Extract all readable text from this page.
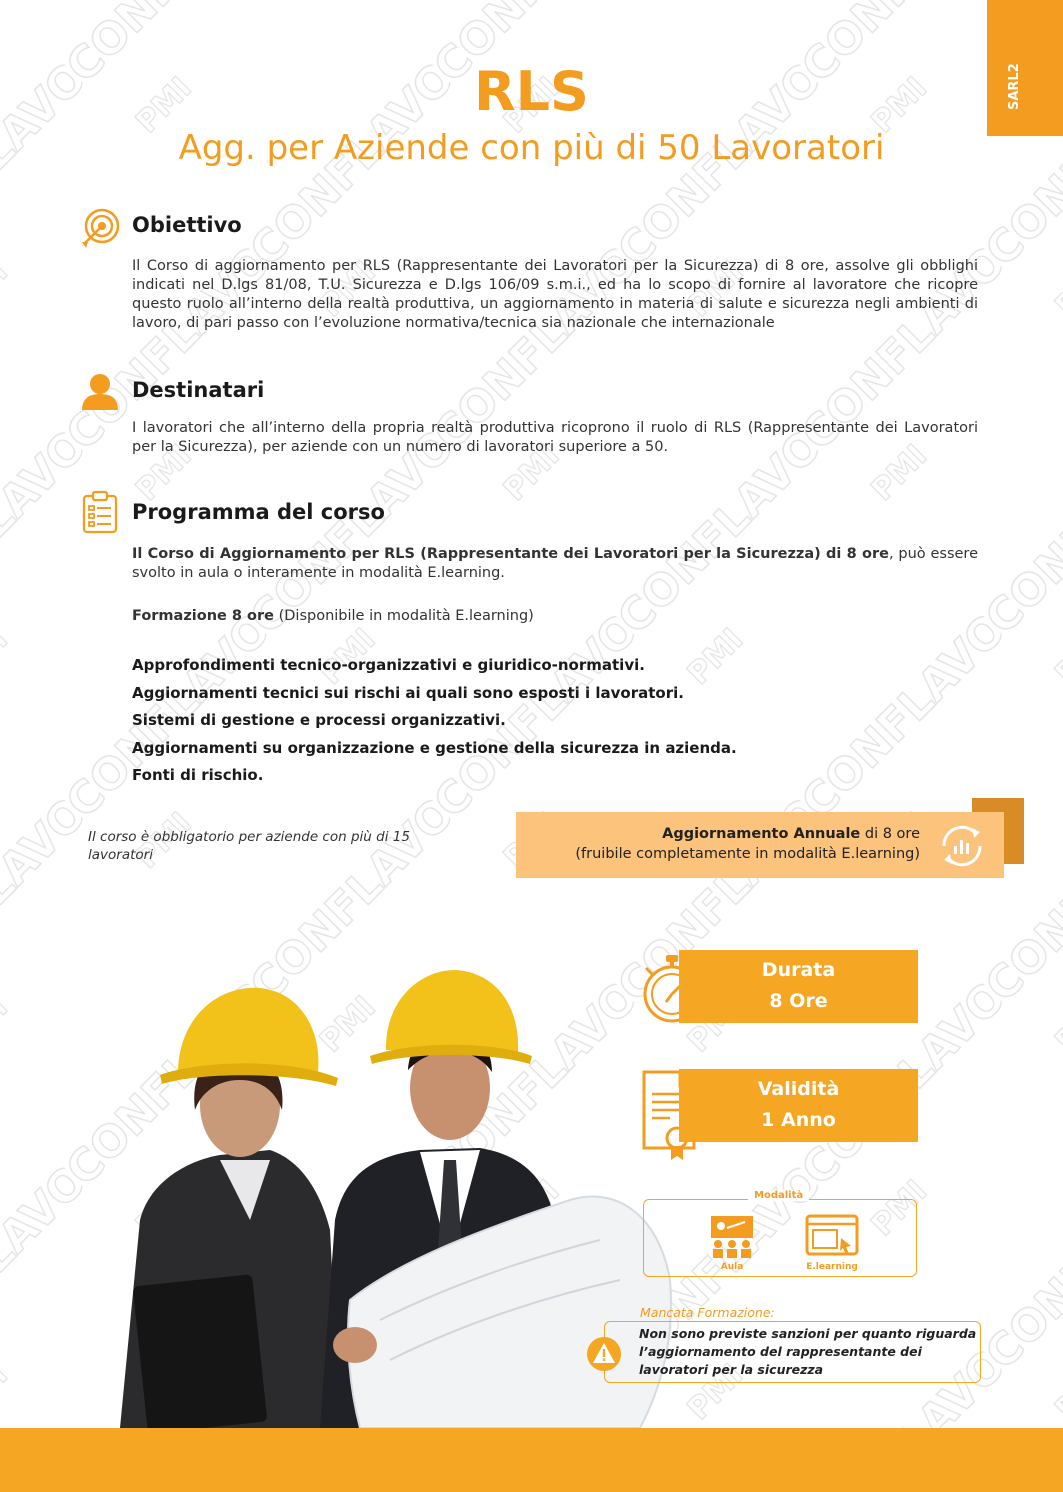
RLS
Agg. per Aziende con più di 50 Lavoratori
Obiettivo
Il Corso di aggiornamento per RLS (Rappresentante dei Lavoratori per la Sicurezza) di 8 ore, assolve gli obblighi indicati nel D.lgs 81/08, T.U. Sicurezza e D.lgs 106/09 s.m.i., ed ha lo scopo di fornire al lavoratore che ricopre questo ruolo all’interno della realtà produttiva, un aggiornamento in materia di salute e sicurezza negli ambienti di lavoro, di pari passo con l’evoluzione normativa/tecnica sia nazionale che internazionale
Destinatari
I lavoratori che all’interno della propria realtà produttiva ricoprono il ruolo di RLS (Rappresentante dei Lavoratori per la Sicurezza), per aziende con un numero di lavoratori superiore a 50.
Programma del corso
Il Corso di Aggiornamento per RLS (Rappresentante dei Lavoratori per la Sicurezza) di 8 ore, può essere svolto in aula o interamente in modalità E.learning.
Formazione 8 ore (Disponibile in modalità E.learning)
Approfondimenti tecnico-organizzativi e giuridico-normativi.
Aggiornamenti tecnici sui rischi ai quali sono esposti i lavoratori.
Sistemi di gestione e processi organizzativi.
Aggiornamenti su organizzazione e gestione della sicurezza in azienda.
Fonti di rischio.
Il corso è obbligatorio per aziende con più di 15 lavoratori
Aggiornamento Annuale di 8 ore
(fruibile completamente in modalità E.learning)
Durata
8 Ore
Validità
1 Anno
Modalità
Aula	E.learning
Mancata Formazione:
Non sono previste sanzioni per quanto riguarda l’aggiornamento del rappresentante dei lavoratori per la sicurezza
